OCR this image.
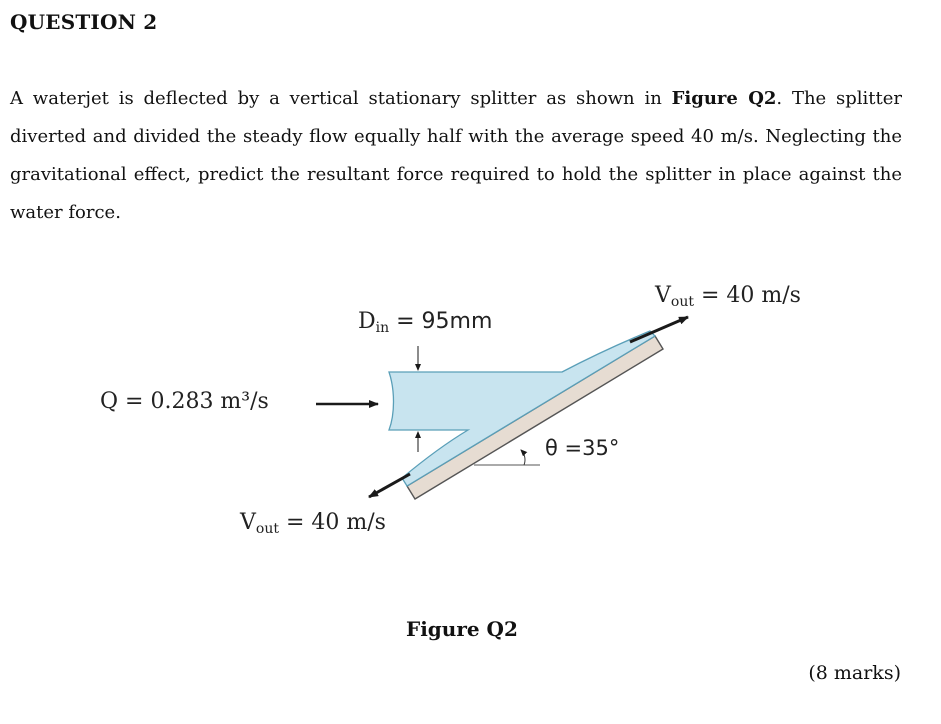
QUESTION 2
A waterjet is deflected by a vertical stationary splitter as shown in Figure Q2. The splitter diverted and divided the steady flow equally half with the average speed 40 m/s. Neglecting the gravitational effect, predict the resultant force required to hold the splitter in place against the water force.
Din = 95mm
Q = 0.283 m³/s
Vout = 40 m/s
Vout = 40 m/s
θ =35°
Figure Q2
(8 marks)
